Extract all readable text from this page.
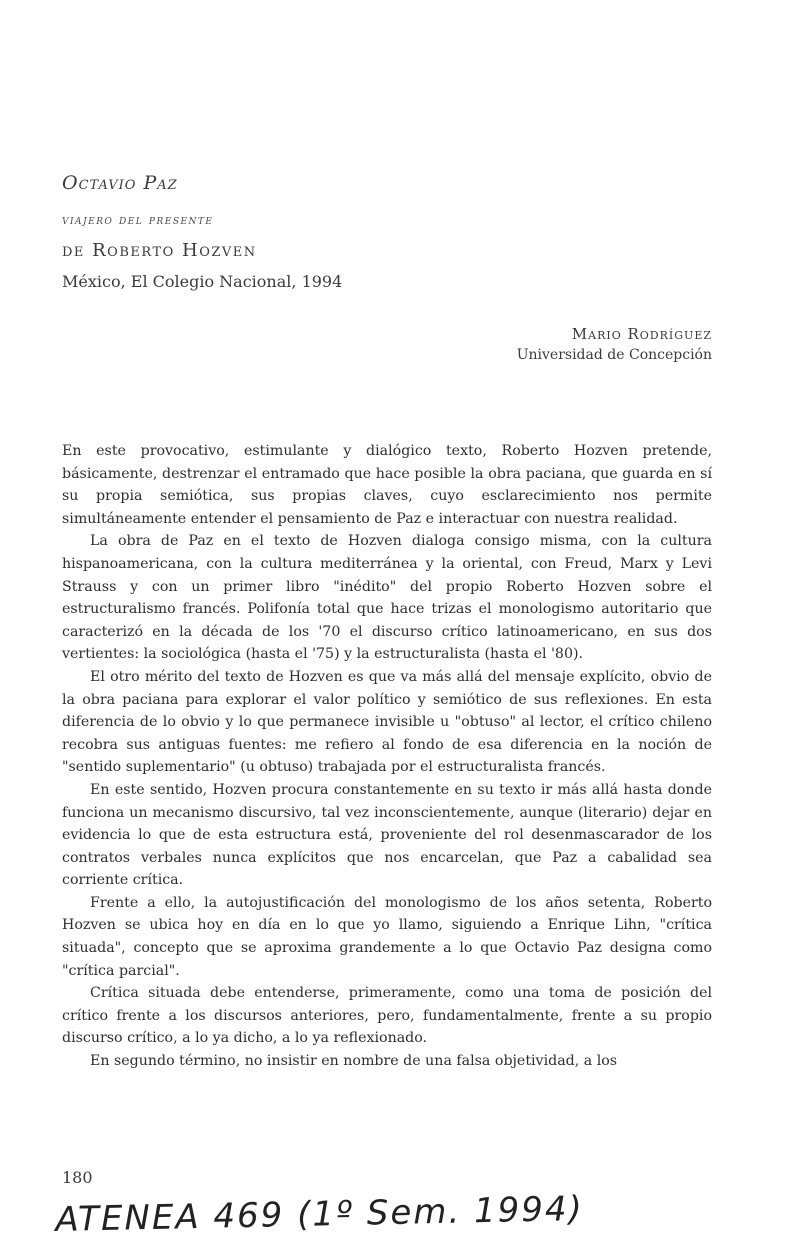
Octavio Paz
viajero del presente
de Roberto Hozven
México, El Colegio Nacional, 1994
Mario Rodríguez
Universidad de Concepción

En este provocativo, estimulante y dialógico texto, Roberto Hozven pretende, básicamente, destrenzar el entramado que hace posible la obra paciana, que guarda en sí su propia semiótica, sus propias claves, cuyo esclarecimiento nos permite simultáneamente entender el pensamiento de Paz e interactuar con nuestra realidad.

La obra de Paz en el texto de Hozven dialoga consigo misma, con la cultura hispanoamericana, con la cultura mediterránea y la oriental, con Freud, Marx y Levi Strauss y con un primer libro "inédito" del propio Roberto Hozven sobre el estructuralismo francés. Polifonía total que hace trizas el monologismo autoritario que caracterizó en la década de los '70 el discurso crítico latinoamericano, en sus dos vertientes: la sociológica (hasta el '75) y la estructuralista (hasta el '80).

El otro mérito del texto de Hozven es que va más allá del mensaje explícito, obvio de la obra paciana para explorar el valor político y semiótico de sus reflexiones. En esta diferencia de lo obvio y lo que permanece invisible u "obtuso" al lector, el crítico chileno recobra sus antiguas fuentes: me refiero al fondo de esa diferencia en la noción de "sentido suplementario" (u obtuso) trabajada por el estructuralista francés.

En este sentido, Hozven procura constantemente en su texto ir más allá hasta donde funciona un mecanismo discursivo, tal vez inconscientemente, aunque (literario) dejar en evidencia lo que de esta estructura está, proveniente del rol desenmascarador de los contratos verbales nunca explícitos que nos encarcelan, que Paz a cabalidad sea corriente crítica.

Frente a ello, la autojustificación del monologismo de los años setenta, Roberto Hozven se ubica hoy en día en lo que yo llamo, siguiendo a Enrique Lihn, "crítica situada", concepto que se aproxima grandemente a lo que Octavio Paz designa como "crítica parcial".

Crítica situada debe entenderse, primeramente, como una toma de posición del crítico frente a los discursos anteriores, pero, fundamentalmente, frente a su propio discurso crítico, a lo ya dicho, a lo ya reflexionado.

En segundo término, no insistir en nombre de una falsa objetividad, a los

180
ATENEA 469 (1º Sem. 1994)
